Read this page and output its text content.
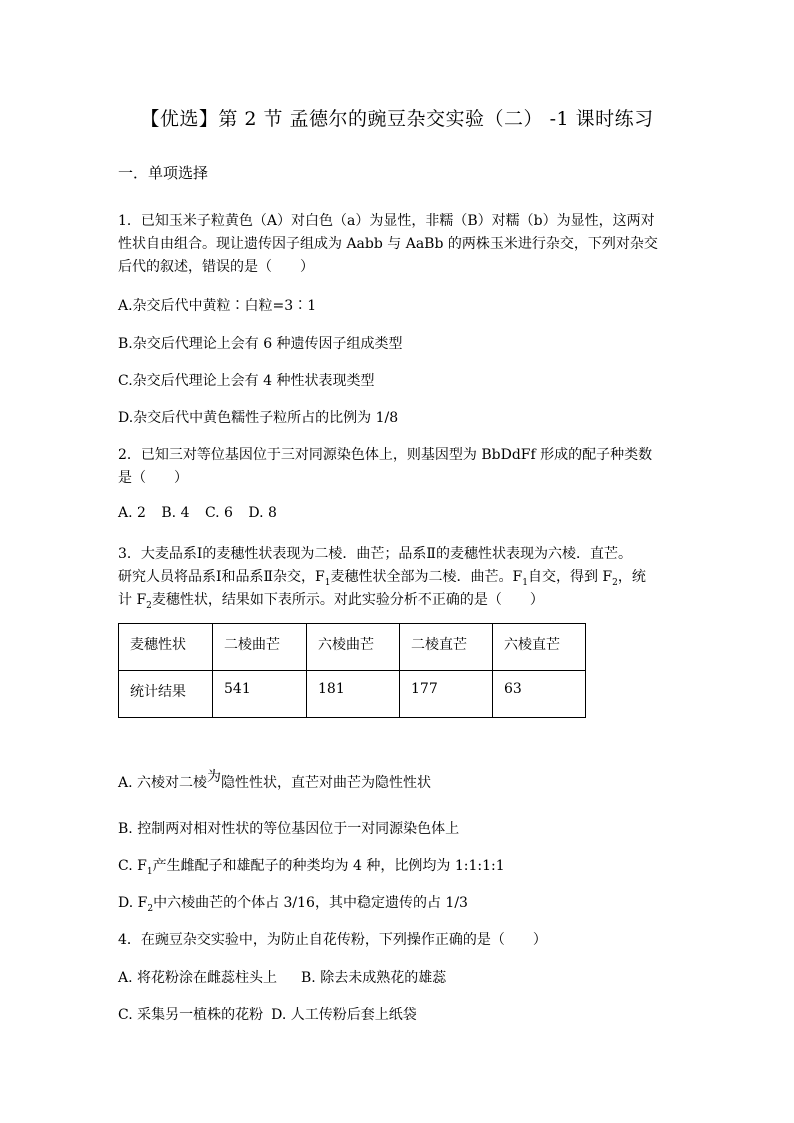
【优选】第 2 节 孟德尔的豌豆杂交实验（二） -1 课时练习
一．单项选择
1．已知玉米子粒黄色（A）对白色（a）为显性，非糯（B）对糯（b）为显性，这两对
性状自由组合。现让遗传因子组成为 Aabb 与 AaBb 的两株玉米进行杂交，下列对杂交
后代的叙述，错误的是（　　）
A.杂交后代中黄粒∶白粒=3∶1
B.杂交后代理论上会有 6 种遗传因子组成类型
C.杂交后代理论上会有 4 种性状表现类型
D.杂交后代中黄色糯性子粒所占的比例为 1/8
2．已知三对等位基因位于三对同源染色体上，则基因型为 BbDdFf 形成的配子种类数
是（　　）
A. 2 B. 4 C. 6 D. 8
3．大麦品系Ⅰ的麦穗性状表现为二棱．曲芒；品系Ⅱ的麦穗性状表现为六棱．直芒。
研究人员将品系Ⅰ和品系Ⅱ杂交，$F_1$麦穗性状全部为二棱．曲芒。$F_1$自交，得到 $F_2$，统
计 $F_2$麦穗性状，结果如下表所示。对此实验分析不正确的是（　　）
麦穗性状	二棱曲芒	六棱曲芒	二棱直芒	六棱直芒
统计结果	541	181	177	63
A. 六棱对二棱为隐性性状，直芒对曲芒为隐性性状
B. 控制两对相对性状的等位基因位于一对同源染色体上
C. $F_1$产生雌配子和雄配子的种类均为 4 种，比例均为 1:1:1:1
D. $F_2$中六棱曲芒的个体占 3/16，其中稳定遗传的占 1/3
4．在豌豆杂交实验中，为防止自花传粉，下列操作正确的是（　　）
A. 将花粉涂在雌蕊柱头上 B. 除去未成熟花的雄蕊
C. 采集另一植株的花粉 D. 人工传粉后套上纸袋
